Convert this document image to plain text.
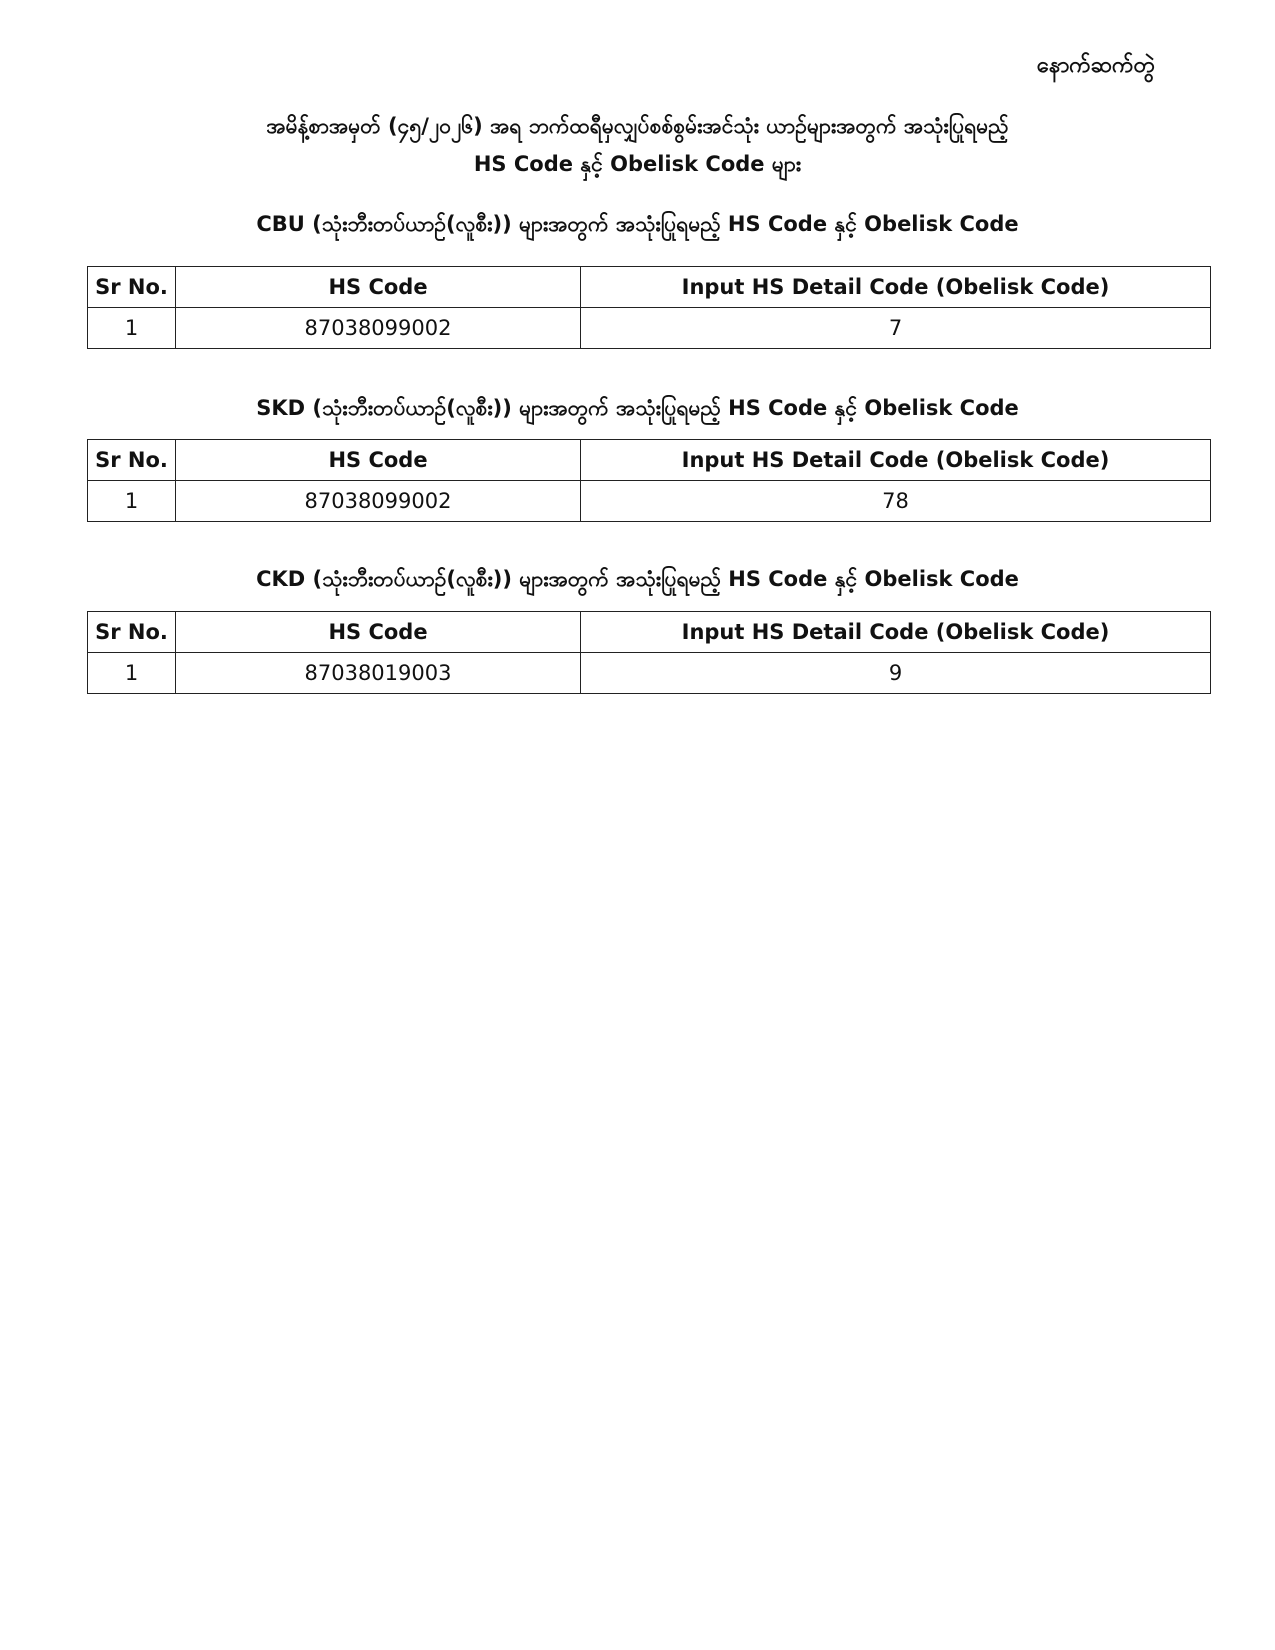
နောက်ဆက်တွဲ
အမိန့်စာအမှတ် (၄၅/၂၀၂၆) အရ ဘက်ထရီမှလျှပ်စစ်စွမ်းအင်သုံး ယာဉ်များအတွက် အသုံးပြုရမည့်
HS Code နှင့် Obelisk Code များ
CBU (သုံးဘီးတပ်ယာဉ်(လူစီး)) များအတွက် အသုံးပြုရမည့် HS Code နှင့် Obelisk Code
Sr No.	HS Code	Input HS Detail Code (Obelisk Code)
1	87038099002	7
SKD (သုံးဘီးတပ်ယာဉ်(လူစီး)) များအတွက် အသုံးပြုရမည့် HS Code နှင့် Obelisk Code
Sr No.	HS Code	Input HS Detail Code (Obelisk Code)
1	87038099002	78
CKD (သုံးဘီးတပ်ယာဉ်(လူစီး)) များအတွက် အသုံးပြုရမည့် HS Code နှင့် Obelisk Code
Sr No.	HS Code	Input HS Detail Code (Obelisk Code)
1	87038019003	9
